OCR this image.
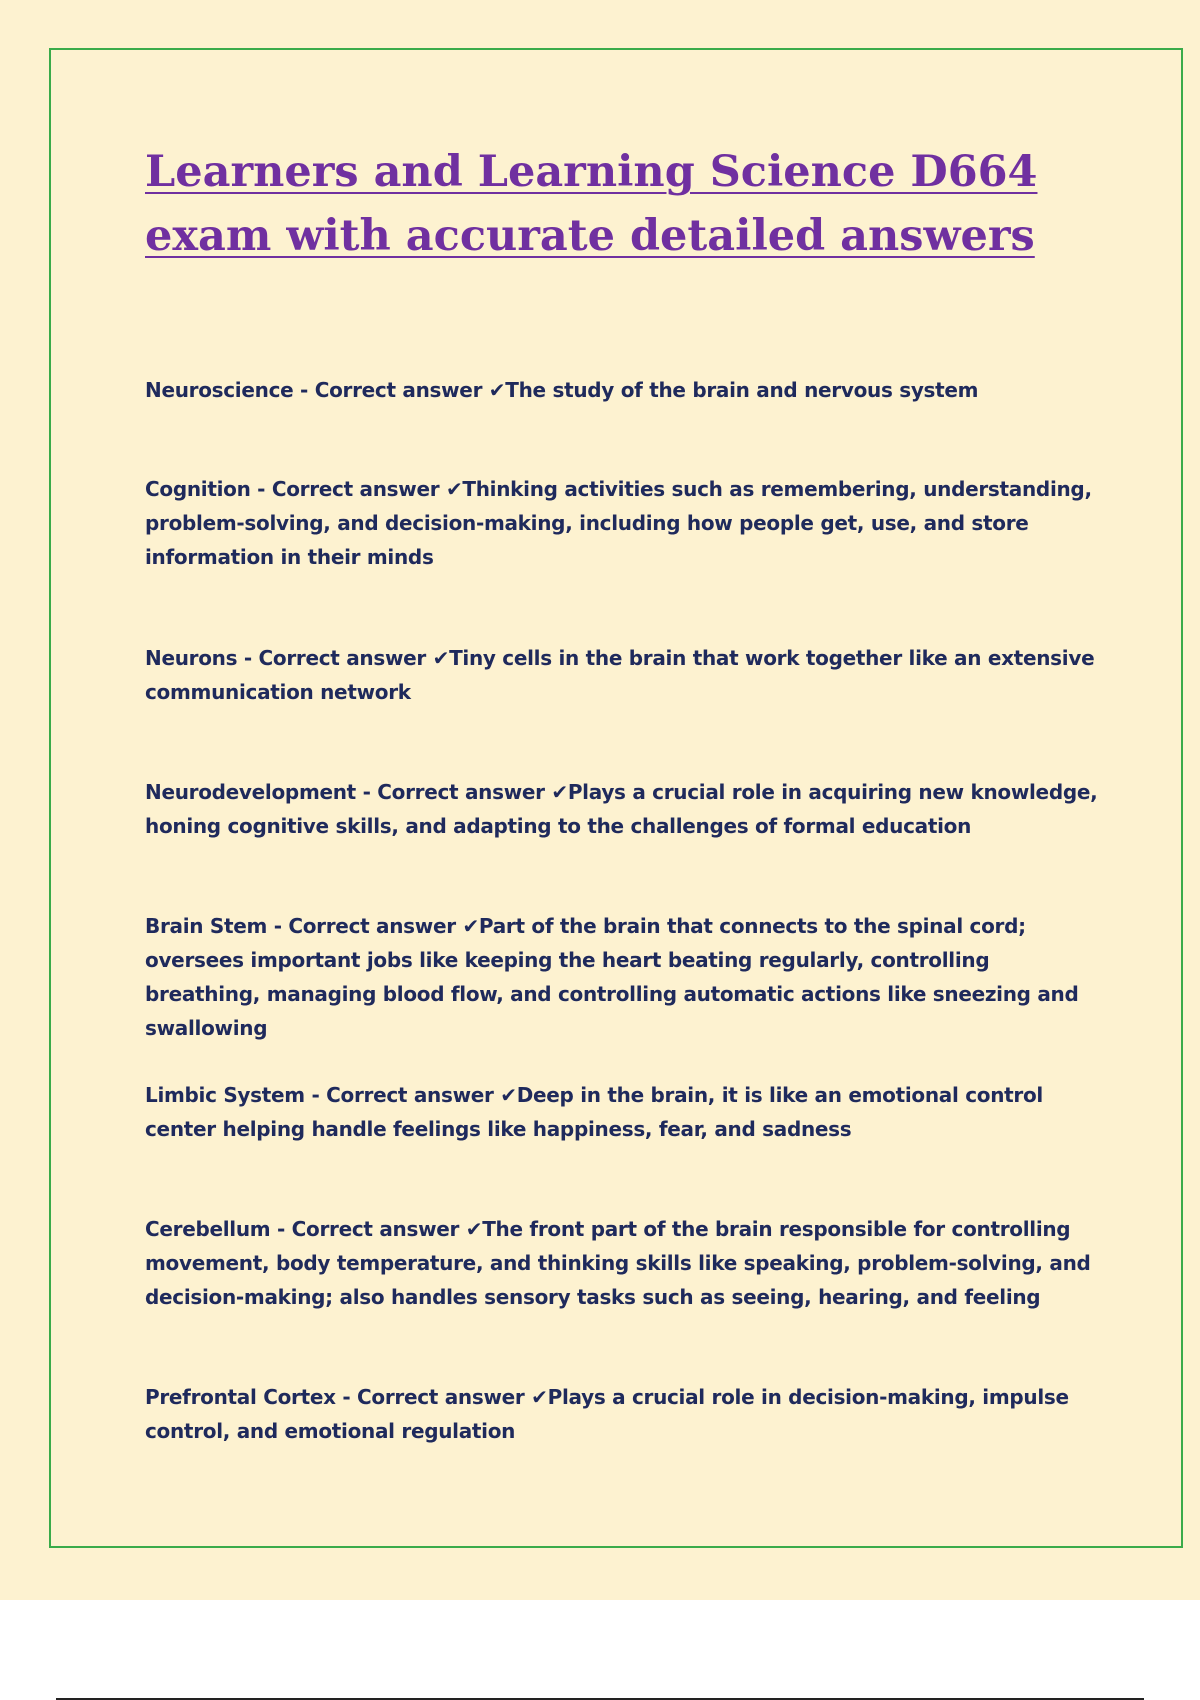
Learners and Learning Science D664 exam with accurate detailed answers

Neuroscience - Correct answer ✔The study of the brain and nervous system

Cognition - Correct answer ✔Thinking activities such as remembering, understanding, problem-solving, and decision-making, including how people get, use, and store information in their minds

Neurons - Correct answer ✔Tiny cells in the brain that work together like an extensive communication network

Neurodevelopment - Correct answer ✔Plays a crucial role in acquiring new knowledge, honing cognitive skills, and adapting to the challenges of formal education

Brain Stem - Correct answer ✔Part of the brain that connects to the spinal cord; oversees important jobs like keeping the heart beating regularly, controlling breathing, managing blood flow, and controlling automatic actions like sneezing and swallowing

Limbic System - Correct answer ✔Deep in the brain, it is like an emotional control center helping handle feelings like happiness, fear, and sadness

Cerebellum - Correct answer ✔The front part of the brain responsible for controlling movement, body temperature, and thinking skills like speaking, problem-solving, and decision-making; also handles sensory tasks such as seeing, hearing, and feeling

Prefrontal Cortex - Correct answer ✔Plays a crucial role in decision-making, impulse control, and emotional regulation
